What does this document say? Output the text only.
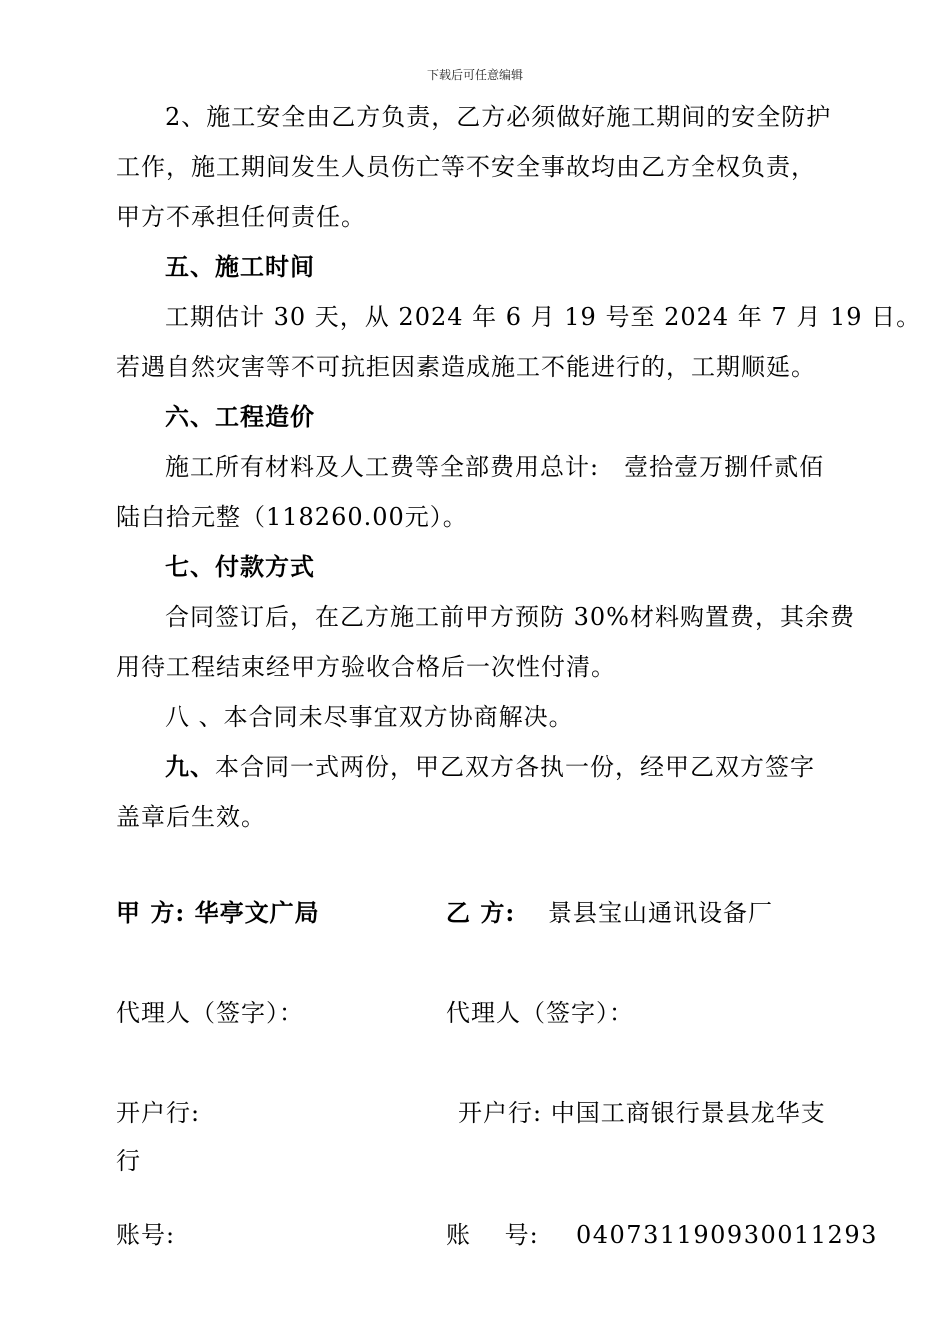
下载后可任意编辑
2、施工安全由乙方负责，乙方必须做好施工期间的安全防护
工作，施工期间发生人员伤亡等不安全事故均由乙方全权负责，
甲方不承担任何责任。
五、施工时间
工期估计 30 天，从 2024 年 6 月 19 号至 2024 年 7 月 19 日。
若遇自然灾害等不可抗拒因素造成施工不能进行的，工期顺延。
六、工程造价
施工所有材料及人工费等全部费用总计:　壹拾壹万捌仟贰佰
陆白拾元整（118260.00元）。
七、付款方式
合同签订后，在乙方施工前甲方预防 30%材料购置费，其余费
用待工程结束经甲方验收合格后一次性付清。
八 、本合同未尽事宜双方协商解决。
九、本合同一式两份，甲乙双方各执一份，经甲乙双方签字
盖章后生效。
甲 方: 华亭文广局	乙 方: 景县宝山通讯设备厂
代理人（签字）：	代理人（签字）：
开户行:	开户行: 中国工商银行景县龙华支
行
账号:	账　 号: 040731190930011293
